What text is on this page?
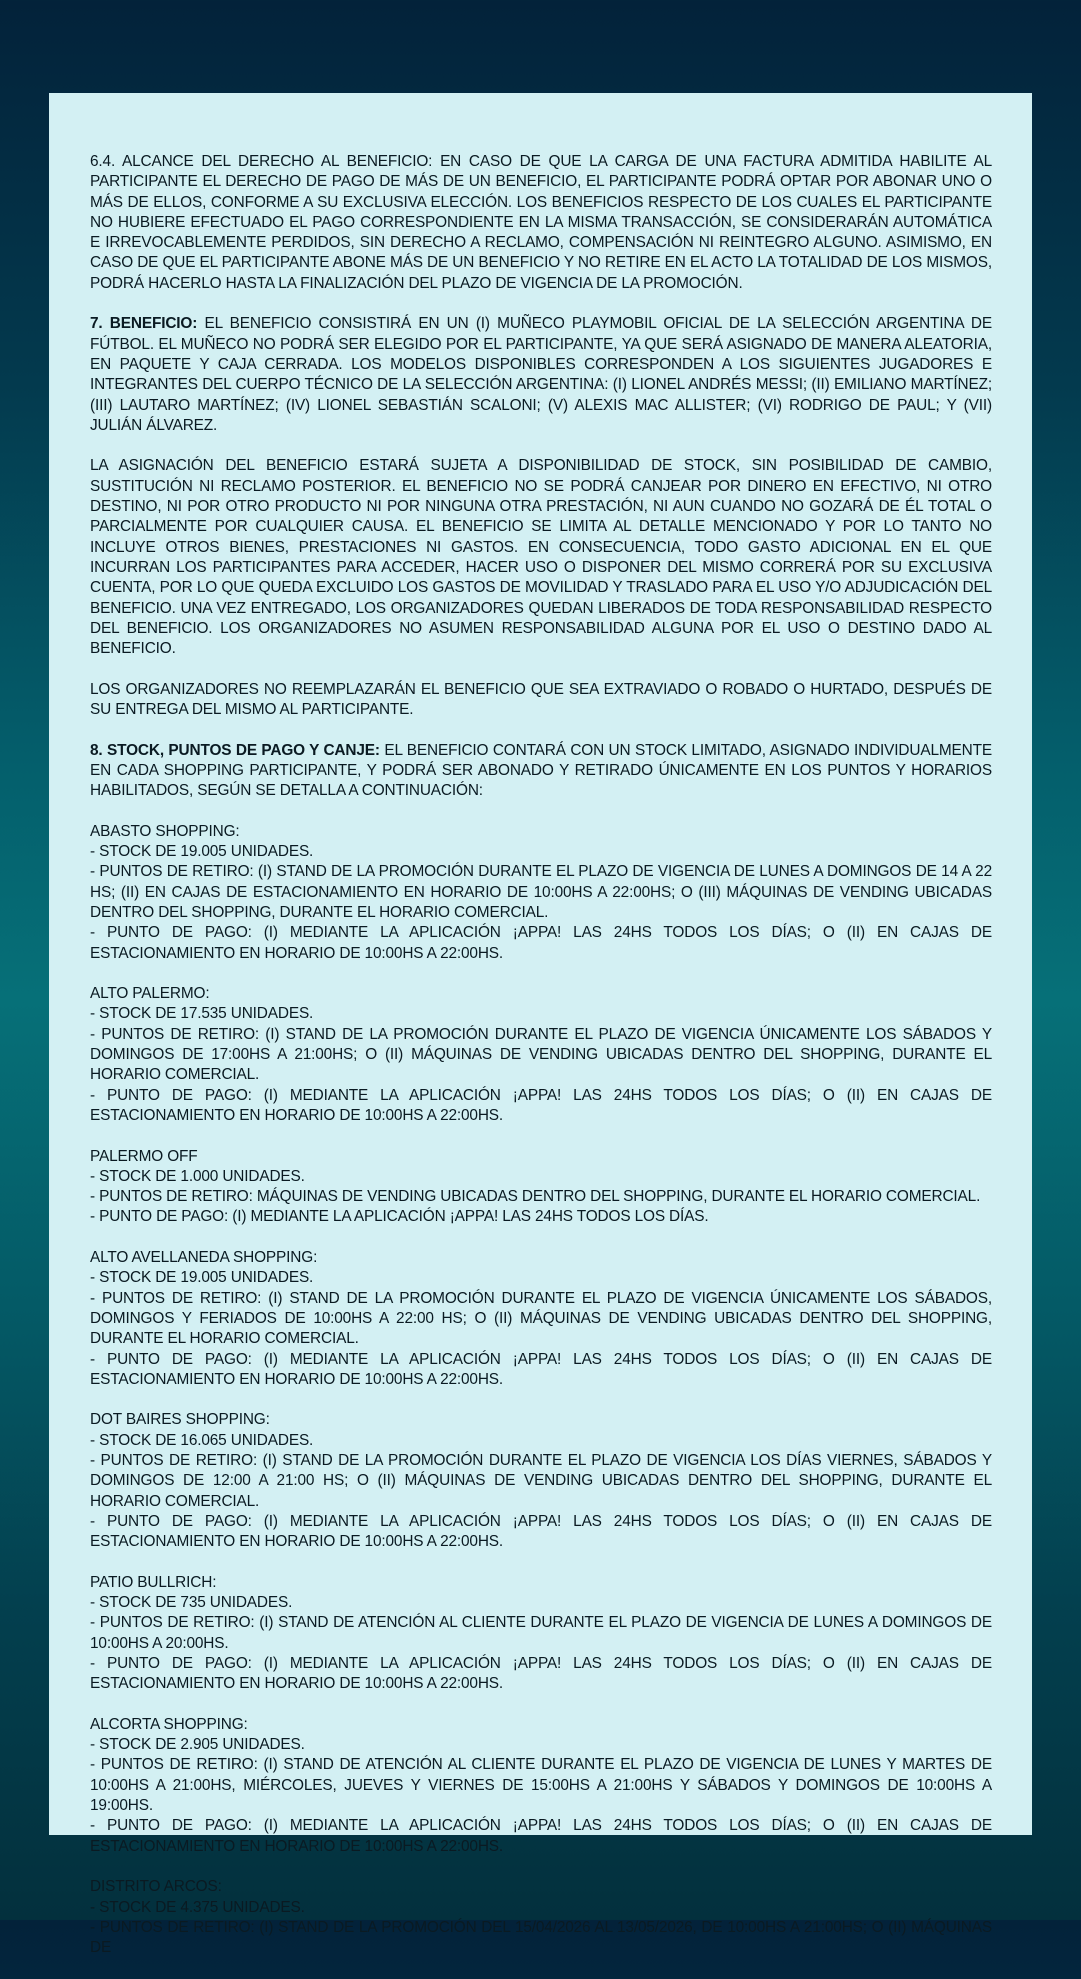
6.4. ALCANCE DEL DERECHO AL BENEFICIO: EN CASO DE QUE LA CARGA DE UNA FACTURA ADMITIDA HABILITE AL PARTICIPANTE EL DERECHO DE PAGO DE MÁS DE UN BENEFICIO, EL PARTICIPANTE PODRÁ OPTAR POR ABONAR UNO O MÁS DE ELLOS, CONFORME A SU EXCLUSIVA ELECCIÓN. LOS BENEFICIOS RESPECTO DE LOS CUALES EL PARTICIPANTE NO HUBIERE EFECTUADO EL PAGO CORRESPONDIENTE EN LA MISMA TRANSACCIÓN, SE CONSIDERARÁN AUTOMÁTICA E IRREVOCABLEMENTE PERDIDOS, SIN DERECHO A RECLAMO, COMPENSACIÓN NI REINTEGRO ALGUNO. ASIMISMO, EN CASO DE QUE EL PARTICIPANTE ABONE MÁS DE UN BENEFICIO Y NO RETIRE EN EL ACTO LA TOTALIDAD DE LOS MISMOS, PODRÁ HACERLO HASTA LA FINALIZACIÓN DEL PLAZO DE VIGENCIA DE LA PROMOCIÓN.

7. BENEFICIO: EL BENEFICIO CONSISTIRÁ EN UN (I) MUÑECO PLAYMOBIL OFICIAL DE LA SELECCIÓN ARGENTINA DE FÚTBOL. EL MUÑECO NO PODRÁ SER ELEGIDO POR EL PARTICIPANTE, YA QUE SERÁ ASIGNADO DE MANERA ALEATORIA, EN PAQUETE Y CAJA CERRADA. LOS MODELOS DISPONIBLES CORRESPONDEN A LOS SIGUIENTES JUGADORES E INTEGRANTES DEL CUERPO TÉCNICO DE LA SELECCIÓN ARGENTINA: (I) LIONEL ANDRÉS MESSI; (II) EMILIANO MARTÍNEZ; (III) LAUTARO MARTÍNEZ; (IV) LIONEL SEBASTIÁN SCALONI; (V) ALEXIS MAC ALLISTER; (VI) RODRIGO DE PAUL; Y (VII) JULIÁN ÁLVAREZ.

LA ASIGNACIÓN DEL BENEFICIO ESTARÁ SUJETA A DISPONIBILIDAD DE STOCK, SIN POSIBILIDAD DE CAMBIO, SUSTITUCIÓN NI RECLAMO POSTERIOR. EL BENEFICIO NO SE PODRÁ CANJEAR POR DINERO EN EFECTIVO, NI OTRO DESTINO, NI POR OTRO PRODUCTO NI POR NINGUNA OTRA PRESTACIÓN, NI AUN CUANDO NO GOZARÁ DE ÉL TOTAL O PARCIALMENTE POR CUALQUIER CAUSA. EL BENEFICIO SE LIMITA AL DETALLE MENCIONADO Y POR LO TANTO NO INCLUYE OTROS BIENES, PRESTACIONES NI GASTOS. EN CONSECUENCIA, TODO GASTO ADICIONAL EN EL QUE INCURRAN LOS PARTICIPANTES PARA ACCEDER, HACER USO O DISPONER DEL MISMO CORRERÁ POR SU EXCLUSIVA CUENTA, POR LO QUE QUEDA EXCLUIDO LOS GASTOS DE MOVILIDAD Y TRASLADO PARA EL USO Y/O ADJUDICACIÓN DEL BENEFICIO. UNA VEZ ENTREGADO, LOS ORGANIZADORES QUEDAN LIBERADOS DE TODA RESPONSABILIDAD RESPECTO DEL BENEFICIO. LOS ORGANIZADORES NO ASUMEN RESPONSABILIDAD ALGUNA POR EL USO O DESTINO DADO AL BENEFICIO.

LOS ORGANIZADORES NO REEMPLAZARÁN EL BENEFICIO QUE SEA EXTRAVIADO O ROBADO O HURTADO, DESPUÉS DE SU ENTREGA DEL MISMO AL PARTICIPANTE.

8. STOCK, PUNTOS DE PAGO Y CANJE: EL BENEFICIO CONTARÁ CON UN STOCK LIMITADO, ASIGNADO INDIVIDUALMENTE EN CADA SHOPPING PARTICIPANTE, Y PODRÁ SER ABONADO Y RETIRADO ÚNICAMENTE EN LOS PUNTOS Y HORARIOS HABILITADOS, SEGÚN SE DETALLA A CONTINUACIÓN:

ABASTO SHOPPING:
- STOCK DE 19.005 UNIDADES.
- PUNTOS DE RETIRO: (I) STAND DE LA PROMOCIÓN DURANTE EL PLAZO DE VIGENCIA DE LUNES A DOMINGOS DE 14 A 22 HS; (II) EN CAJAS DE ESTACIONAMIENTO EN HORARIO DE 10:00HS A 22:00HS; O (III) MÁQUINAS DE VENDING UBICADAS DENTRO DEL SHOPPING, DURANTE EL HORARIO COMERCIAL.
- PUNTO DE PAGO: (I) MEDIANTE LA APLICACIÓN ¡APPA! LAS 24HS TODOS LOS DÍAS; O (II) EN CAJAS DE ESTACIONAMIENTO EN HORARIO DE 10:00HS A 22:00HS.
ALTO PALERMO:
- STOCK DE 17.535 UNIDADES.
- PUNTOS DE RETIRO: (I) STAND DE LA PROMOCIÓN DURANTE EL PLAZO DE VIGENCIA ÚNICAMENTE LOS SÁBADOS Y DOMINGOS DE 17:00HS A 21:00HS; O (II) MÁQUINAS DE VENDING UBICADAS DENTRO DEL SHOPPING, DURANTE EL HORARIO COMERCIAL.
- PUNTO DE PAGO: (I) MEDIANTE LA APLICACIÓN ¡APPA! LAS 24HS TODOS LOS DÍAS; O (II) EN CAJAS DE ESTACIONAMIENTO EN HORARIO DE 10:00HS A 22:00HS.
PALERMO OFF
- STOCK DE 1.000 UNIDADES.
- PUNTOS DE RETIRO: MÁQUINAS DE VENDING UBICADAS DENTRO DEL SHOPPING, DURANTE EL HORARIO COMERCIAL.
- PUNTO DE PAGO: (I) MEDIANTE LA APLICACIÓN ¡APPA! LAS 24HS TODOS LOS DÍAS.
ALTO AVELLANEDA SHOPPING:
- STOCK DE 19.005 UNIDADES.
- PUNTOS DE RETIRO: (I) STAND DE LA PROMOCIÓN DURANTE EL PLAZO DE VIGENCIA ÚNICAMENTE LOS SÁBADOS, DOMINGOS Y FERIADOS DE 10:00HS A 22:00 HS; O (II) MÁQUINAS DE VENDING UBICADAS DENTRO DEL SHOPPING, DURANTE EL HORARIO COMERCIAL.
- PUNTO DE PAGO: (I) MEDIANTE LA APLICACIÓN ¡APPA! LAS 24HS TODOS LOS DÍAS; O (II) EN CAJAS DE ESTACIONAMIENTO EN HORARIO DE 10:00HS A 22:00HS.
DOT BAIRES SHOPPING:
- STOCK DE 16.065 UNIDADES.
- PUNTOS DE RETIRO: (I) STAND DE LA PROMOCIÓN DURANTE EL PLAZO DE VIGENCIA LOS DÍAS VIERNES, SÁBADOS Y DOMINGOS DE 12:00 A 21:00 HS; O (II) MÁQUINAS DE VENDING UBICADAS DENTRO DEL SHOPPING, DURANTE EL HORARIO COMERCIAL.
- PUNTO DE PAGO: (I) MEDIANTE LA APLICACIÓN ¡APPA! LAS 24HS TODOS LOS DÍAS; O (II) EN CAJAS DE ESTACIONAMIENTO EN HORARIO DE 10:00HS A 22:00HS.
PATIO BULLRICH:
- STOCK DE 735 UNIDADES.
- PUNTOS DE RETIRO: (I) STAND DE ATENCIÓN AL CLIENTE DURANTE EL PLAZO DE VIGENCIA DE LUNES A DOMINGOS DE 10:00HS A 20:00HS.
- PUNTO DE PAGO: (I) MEDIANTE LA APLICACIÓN ¡APPA! LAS 24HS TODOS LOS DÍAS; O (II) EN CAJAS DE ESTACIONAMIENTO EN HORARIO DE 10:00HS A 22:00HS.
ALCORTA SHOPPING:
- STOCK DE 2.905 UNIDADES.
- PUNTOS DE RETIRO: (I) STAND DE ATENCIÓN AL CLIENTE DURANTE EL PLAZO DE VIGENCIA DE LUNES Y MARTES DE 10:00HS A 21:00HS, MIÉRCOLES, JUEVES Y VIERNES DE 15:00HS A 21:00HS Y SÁBADOS Y DOMINGOS DE 10:00HS A 19:00HS.
- PUNTO DE PAGO: (I) MEDIANTE LA APLICACIÓN ¡APPA! LAS 24HS TODOS LOS DÍAS; O (II) EN CAJAS DE ESTACIONAMIENTO EN HORARIO DE 10:00HS A 22:00HS.
DISTRITO ARCOS:
- STOCK DE 4.375 UNIDADES.
- PUNTOS DE RETIRO: (I) STAND DE LA PROMOCIÓN DEL 15/04/2026 AL 13/05/2026, DE 10:00HS A 21:00HS; O (II) MÁQUINAS DE
